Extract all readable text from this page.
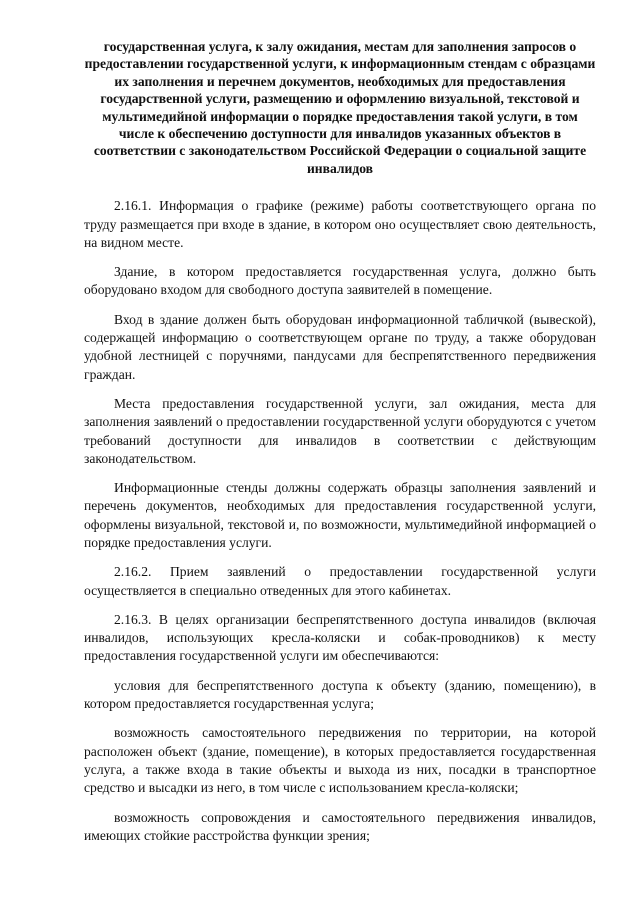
государственная услуга, к залу ожидания, местам для заполнения запросов о предоставлении государственной услуги, к информационным стендам с образцами их заполнения и перечнем документов, необходимых для предоставления государственной услуги, размещению и оформлению визуальной, текстовой и мультимедийной информации о порядке предоставления такой услуги, в том числе к обеспечению доступности для инвалидов указанных объектов в соответствии с законодательством Российской Федерации о социальной защите инвалидов

2.16.1. Информация о графике (режиме) работы соответствующего органа по труду размещается при входе в здание, в котором оно осуществляет свою деятельность, на видном месте.

Здание, в котором предоставляется государственная услуга, должно быть оборудовано входом для свободного доступа заявителей в помещение.

Вход в здание должен быть оборудован информационной табличкой (вывеской), содержащей информацию о соответствующем органе по труду, а также оборудован удобной лестницей с поручнями, пандусами для беспрепятственного передвижения граждан.

Места предоставления государственной услуги, зал ожидания, места для заполнения заявлений о предоставлении государственной услуги оборудуются с учетом требований доступности для инвалидов в соответствии с действующим законодательством.

Информационные стенды должны содержать образцы заполнения заявлений и перечень документов, необходимых для предоставления государственной услуги, оформлены визуальной, текстовой и, по возможности, мультимедийной информацией о порядке предоставления услуги.

2.16.2. Прием заявлений о предоставлении государственной услуги осуществляется в специально отведенных для этого кабинетах.

2.16.3. В целях организации беспрепятственного доступа инвалидов (включая инвалидов, использующих кресла-коляски и собак-проводников) к месту предоставления государственной услуги им обеспечиваются:

условия для беспрепятственного доступа к объекту (зданию, помещению), в котором предоставляется государственная услуга;

возможность самостоятельного передвижения по территории, на которой расположен объект (здание, помещение), в которых предоставляется государственная услуга, а также входа в такие объекты и выхода из них, посадки в транспортное средство и высадки из него, в том числе с использованием кресла-коляски;

возможность сопровождения и самостоятельного передвижения инвалидов, имеющих стойкие расстройства функции зрения;
